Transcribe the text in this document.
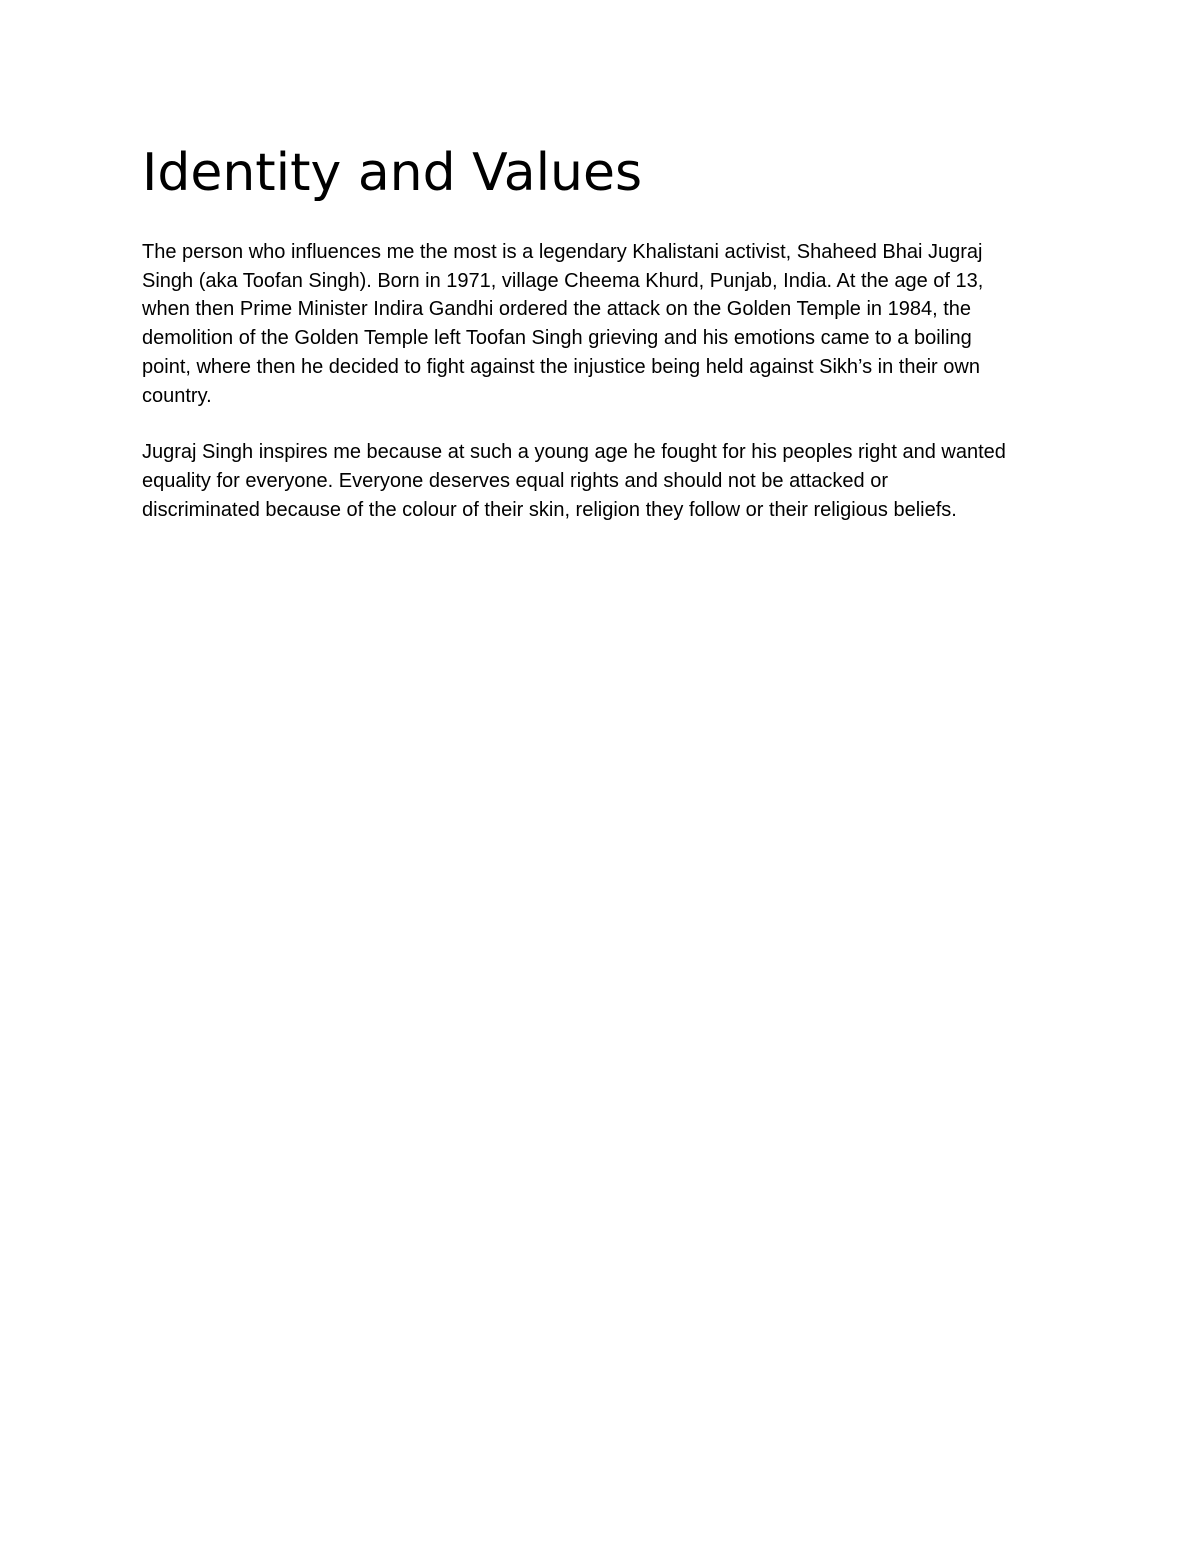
Identity and Values

The person who influences me the most is a legendary Khalistani activist, Shaheed Bhai Jugraj
Singh (aka Toofan Singh). Born in 1971, village Cheema Khurd, Punjab, India. At the age of 13,
when then Prime Minister Indira Gandhi ordered the attack on the Golden Temple in 1984, the
demolition of the Golden Temple left Toofan Singh grieving and his emotions came to a boiling
point, where then he decided to fight against the injustice being held against Sikh’s in their own
country.

Jugraj Singh inspires me because at such a young age he fought for his peoples right and wanted
equality for everyone. Everyone deserves equal rights and should not be attacked or
discriminated because of the colour of their skin, religion they follow or their religious beliefs.
